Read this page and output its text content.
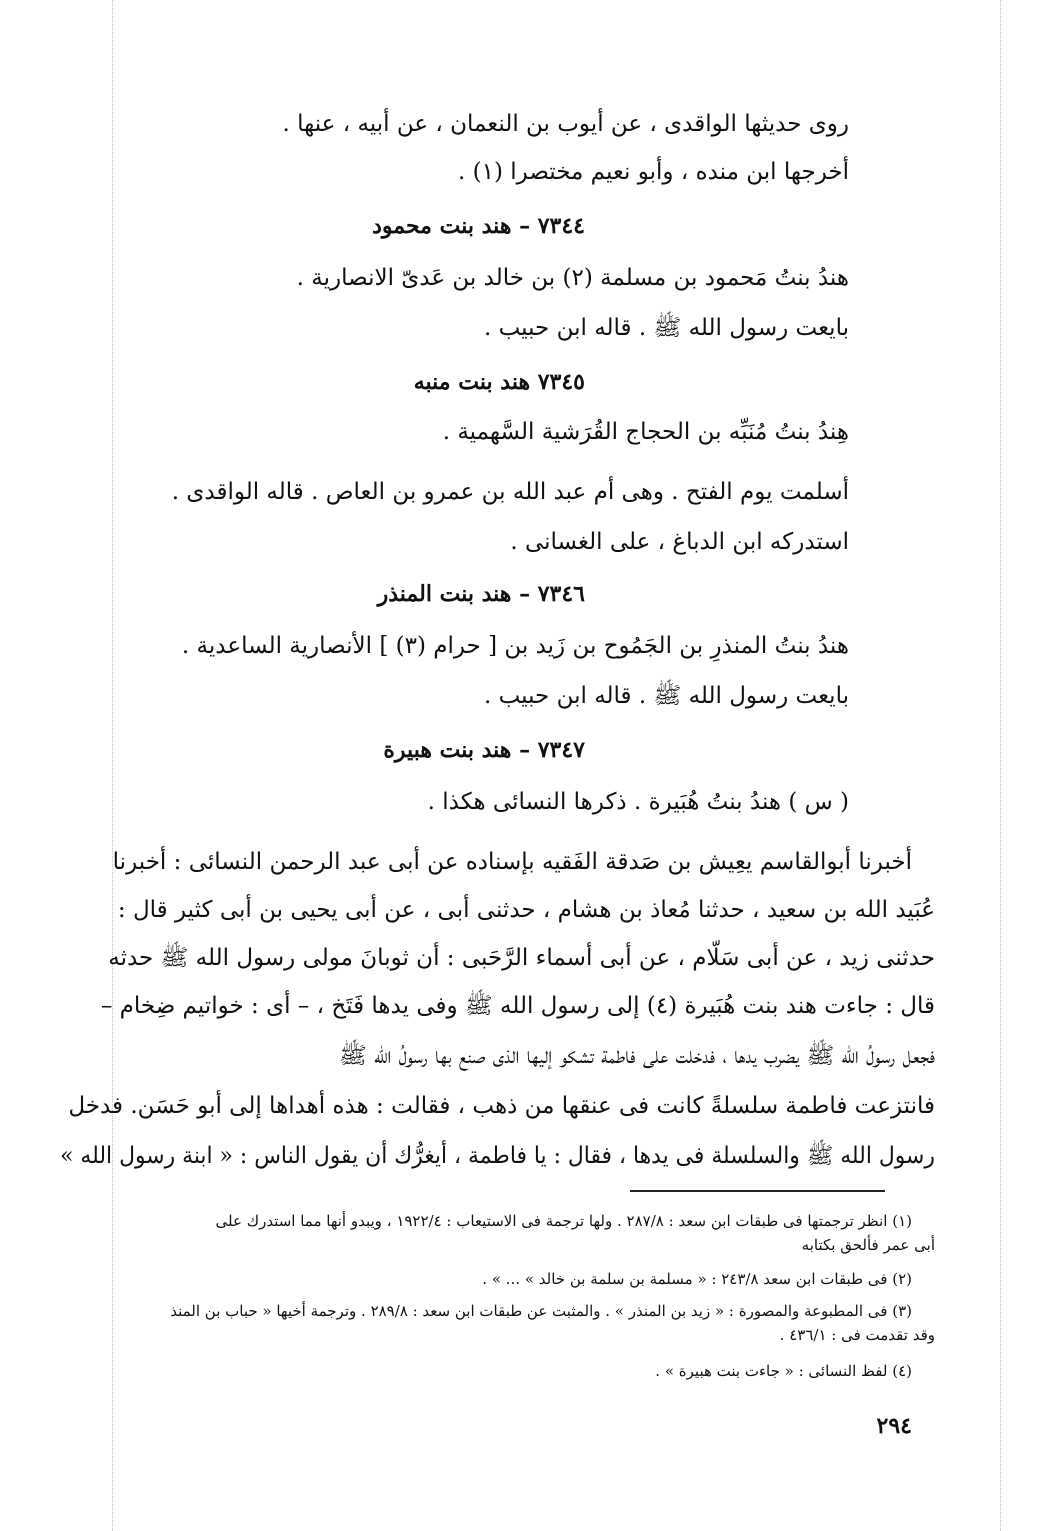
روى حديثها الواقدى ، عن أيوب بن النعمان ، عن أبيه ، عنها .
أخرجها ابن منده ، وأبو نعيم مختصرا (١) .
٧٣٤٤ – هند بنت محمود
هندُ بنتُ مَحمود بن مسلمة (٢) بن خالد بن عَدىّ الانصارية .
بايعت رسول الله ﷺ . قاله ابن حبيب .
٧٣٤٥ هند بنت منبه
هِندُ بنتُ مُنَبِّه بن الحجاج القُرَشية السَّهمية .
أسلمت يوم الفتح . وهى أم عبد الله بن عمرو بن العاص . قاله الواقدى .
استدركه ابن الدباغ ، على الغسانى .
٧٣٤٦ – هند بنت المنذر
هندُ بنتُ المنذرِ بن الجَمُوح بن زَيد بن [ حرام (٣) ] الأنصارية الساعدية .
بايعت رسول الله ﷺ . قاله ابن حبيب .
٧٣٤٧ – هند بنت هبيرة
( س ) هندُ بنتُ هُبَيرة . ذكرها النسائى هكذا .
أخبرنا أبوالقاسم يعِيش بن صَدقة الفَقيه بإسناده عن أبى عبد الرحمن النسائى : أخبرنا
عُبَيد الله بن سعيد ، حدثنا مُعاذ بن هشام ، حدثنى أبى ، عن أبى يحيى بن أبى كثير قال :
حدثنى زيد ، عن أبى سَلّام ، عن أبى أسماء الرَّحَبى : أن ثوبانَ مولى رسول الله ﷺ حدثه
قال : جاءت هند بنت هُبَيرة (٤) إلى رسول الله ﷺ وفى يدها فَتَخ ، – أى : خواتيم ضِخام –
فجعل رسولُ الله ﷺ يضرب يدها ، فدخلت على فاطمة تشكو إليها الذى صنع بها رسولُ الله ﷺ
فانتزعت فاطمة سلسلةً كانت فى عنقها من ذهب ، فقالت : هذه أهداها إلى أبو حَسَن. فدخل
رسول الله ﷺ والسلسلة فى يدها ، فقال : يا فاطمة ، أيغرُّك أن يقول الناس : « ابنة رسول الله »
(١) انظر ترجمتها فى طبقات ابن سعد : ٢٨٧/٨ . ولها ترجمة فى الاستيعاب : ١٩٢٢/٤ ، ويبدو أنها مما استدرك على
أبى عمر فألحق بكتابه
(٢) فى طبقات ابن سعد ٢٤٣/٨ : « مسلمة بن سلمة بن خالد » ... » .
(٣) فى المطبوعة والمصورة : « زيد بن المنذر » . والمثبت عن طبقات ابن سعد : ٢٨٩/٨ . وترجمة أخيها « حباب بن المنذ
وقد تقدمت فى : ٤٣٦/١ .
(٤) لفظ النسائى : « جاءت بنت هبيرة » .
٢٩٤
